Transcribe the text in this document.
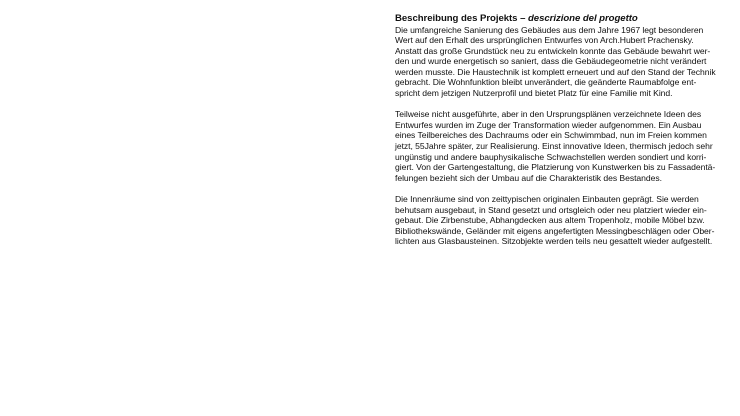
Beschreibung des Projekts – descrizione del progetto
Die umfangreiche Sanierung des Gebäudes aus dem Jahre 1967 legt besonderen
Wert auf den Erhalt des ursprünglichen Entwurfes von Arch.Hubert Prachensky.
Anstatt das große Grundstück neu zu entwickeln konnte das Gebäude bewahrt wer-
den und wurde energetisch so saniert, dass die Gebäudegeometrie nicht verändert
werden musste. Die Haustechnik ist komplett erneuert und auf den Stand der Technik
gebracht. Die Wohnfunktion bleibt unverändert, die geänderte Raumabfolge ent-
spricht dem jetzigen Nutzerprofil und bietet Platz für eine Familie mit Kind.
Teilweise nicht ausgeführte, aber in den Ursprungsplänen verzeichnete Ideen des
Entwurfes wurden im Zuge der Transformation wieder aufgenommen. Ein Ausbau
eines Teilbereiches des Dachraums oder ein Schwimmbad, nun im Freien kommen
jetzt, 55Jahre später, zur Realisierung. Einst innovative Ideen, thermisch jedoch sehr
ungünstig und andere bauphysikalische Schwachstellen werden sondiert und korri-
giert. Von der Gartengestaltung, die Platzierung von Kunstwerken bis zu Fassadentä-
felungen bezieht sich der Umbau auf die Charakteristik des Bestandes.
Die Innenräume sind von zeittypischen originalen Einbauten geprägt. Sie werden
behutsam ausgebaut, in Stand gesetzt und ortsgleich oder neu platziert wieder ein-
gebaut. Die Zirbenstube, Abhangdecken aus altem Tropenholz, mobile Möbel bzw.
Bibliothekswände, Geländer mit eigens angefertigten Messingbeschlägen oder Ober-
lichten aus Glasbausteinen. Sitzobjekte werden teils neu gesattelt wieder aufgestellt.
